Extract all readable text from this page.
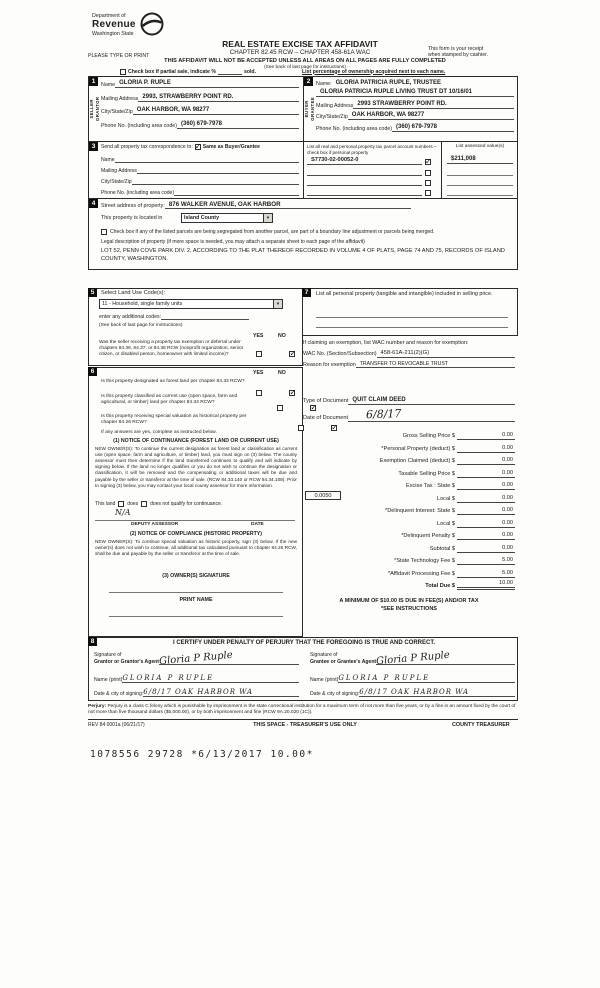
Department of
Revenue
Washington State
REAL ESTATE EXCISE TAX AFFIDAVIT
CHAPTER 82.45 RCW – CHAPTER 458-61A WAC	This form is your receipt
when stamped by cashier.
PLEASE TYPE OR PRINT
THIS AFFIDAVIT WILL NOT BE ACCEPTED UNLESS ALL AREAS ON ALL PAGES ARE FULLY COMPLETED
(See back of last page for instructions)
Check box if partial sale, indicate %	sold.	List percentage of ownership acquired next to each name.
1	2
SELLER
GRANTOR	BUYER
GRANTEE
Name GLORIA P. RUPLE
Mailing Address 2993, STRAWBERRY POINT RD.
City/State/Zip OAK HARBOR, WA 98277
Phone No. (including area code) (360) 679-7978
Name: GLORIA PATRICIA RUPLE, TRUSTEE
GLORIA PATRICIA RUPLE LIVING TRUST DT 10/16/01
Mailing Address 2993 STRAWBERRY POINT RD.
City/State/Zip OAK HARBOR, WA 98277
Phone No. (including area code) (360) 679-7978
3	Send all property tax correspondence to: ✓ Same as Buyer/Grantee
Name
Mailing Address
City/State/Zip
Phone No. (including area code)
List all real and personal property tax parcel account numbers – check box if personal property
S7730-02-00052-0
✓
List assessed value(s)
$211,008
4	Street address of property: 876 WALKER AVENUE, OAK HARBOR
This property is located in	Island County
▼
Check box if any of the listed parcels are being segregated from another parcel, are part of a boundary line adjustment or parcels being merged.
Legal description of property (if more space is needed, you may attach a separate sheet to each page of the affidavit)
LOT 52, PENN COVE PARK DIV. 2, ACCORDING TO THE PLAT THEREOF RECORDED IN VOLUME 4 OF PLATS, PAGE 74 AND 75, RECORDS OF ISLAND COUNTY, WASHINGTON.
5	Select Land Use Code(s):
11 - Household, single family units
▼
enter any additional codes:
(See back of last page for instructions)
YES	NO
Was the seller receiving a property tax exemption or deferral under chapters 84.36, 84.37, or 84.38 RCW (nonprofit organization, senior citizen, or disabled person, homeowner with limited income)?
✓
7	List all personal property (tangible and intangible) included in selling price.
If claiming an exemption, list WAC number and reason for exemption:
WAC No. (Section/Subsection) 458-61A-211(2)(G)
Reason for exemption TRANSFER TO REVOCABLE TRUST
Type of Document QUIT CLAIM DEED
Date of Document	6/8/17
Gross Selling Price $	0.00
*Personal Property (deduct) $	0.00
Exemption Claimed (deduct) $	0.00
Taxable Selling Price $	0.00
Excise Tax : State $	0.00
0.0050	Local $	0.00
*Delinquent Interest: State $	0.00
Local $	0.00
*Delinquent Penalty $	0.00
Subtotal $	0.00
*State Technology Fee $	5.00
*Affidavit Processing Fee $	5.00
Total Due $	10.00
A MINIMUM OF $10.00 IS DUE IN FEE(S) AND/OR TAX
*SEE INSTRUCTIONS
6	YES	NO
Is this property designated as forest land per chapter 84.33 RCW?
✓
Is this property classified as current use (open space, farm and agricultural, or timber) land per chapter 84.34 RCW?
✓
Is this property receiving special valuation as historical property per chapter 84.26 RCW?
✓
If any answers are yes, complete as instructed below.
(1) NOTICE OF CONTINUANCE (FOREST LAND OR CURRENT USE)
NEW OWNER(S): To continue the current designation as forest land or classification as current use (open space, farm and agriculture, or timber) land, you must sign on (3) below. The county assessor must then determine if the land transferred continues to qualify and will indicate by signing below. If the land no longer qualifies or you do not wish to continue the designation or classification, it will be removed and the compensating or additional taxes will be due and payable by the seller or transferor at the time of sale. (RCW 84.33.140 or RCW 84.34.108). Prior to signing (3) below, you may contact your local county assessor for more information.
This land does does not qualify for continuance.
N/A
DEPUTY ASSESSOR	DATE
(2) NOTICE OF COMPLIANCE (HISTORIC PROPERTY)
NEW OWNER(S): To continue special valuation as historic property, sign (3) below. If the new owner(s) does not wish to continue, all additional tax calculated pursuant to chapter 84.26 RCW, shall be due and payable by the seller or transferor at the time of sale.
(3) OWNER(S) SIGNATURE
PRINT NAME
8	I CERTIFY UNDER PENALTY OF PERJURY THAT THE FOREGOING IS TRUE AND CORRECT.
Signature of
Grantor or Grantor's Agent Gloria P Ruple
Name (print) GLORIA P RUPLE
Date & city of signing: 6/8/17 OAK HARBOR WA
Signature of
Grantee or Grantee's Agent Gloria P Ruple
Name (print) GLORIA P RUPLE
Date & city of signing: 6/8/17 OAK HARBOR WA
Perjury: Perjury is a class C felony which is punishable by imprisonment in the state correctional institution for a maximum term of not more than five years, or by a fine in an amount fixed by the court of not more than five thousand dollars ($5,000.00), or by both imprisonment and fine (RCW 9A.20.020 (1C)).
REV 84 0001a (06/21/17)	THIS SPACE - TREASURER'S USE ONLY	COUNTY TREASURER
1078556 29728 *6/13/2017 10.00*
